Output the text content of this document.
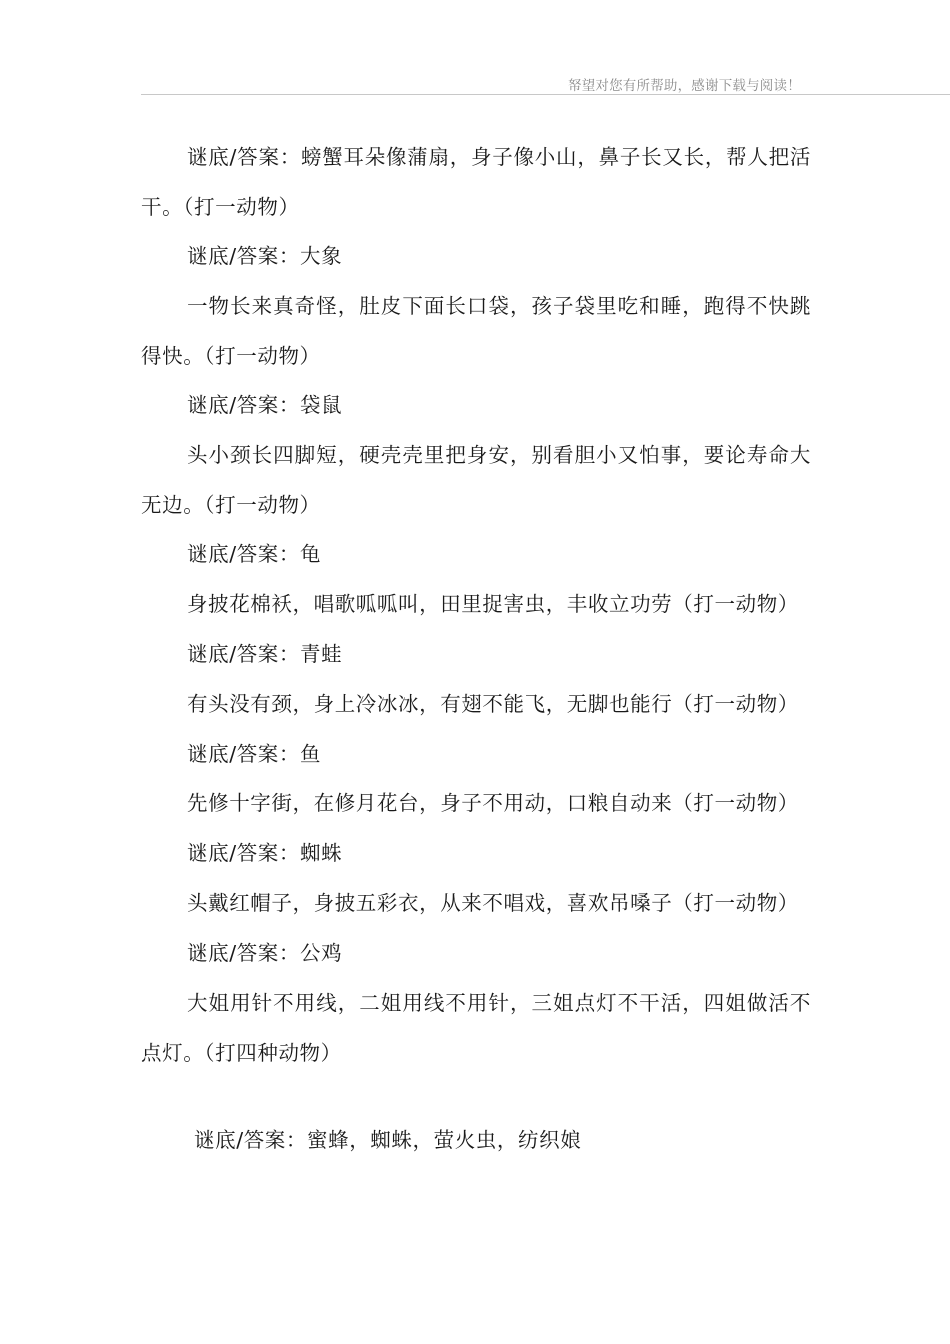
帑望对您有所帮助，感谢下载与阅读！
谜底/答案：螃蟹耳朵像蒲扇，身子像小山，鼻子长又长，帮人把活干。（打一动物）
谜底/答案：大象
一物长来真奇怪，肚皮下面长口袋，孩子袋里吃和睡，跑得不快跳得快。（打一动物）
谜底/答案：袋鼠
头小颈长四脚短，硬壳壳里把身安，别看胆小又怕事，要论寿命大无边。（打一动物）
谜底/答案：龟
身披花棉袄，唱歌呱呱叫，田里捉害虫，丰收立功劳（打一动物）
谜底/答案：青蛙
有头没有颈，身上冷冰冰，有翅不能飞，无脚也能行（打一动物）
谜底/答案：鱼
先修十字街，在修月花台，身子不用动，口粮自动来（打一动物）
谜底/答案：蜘蛛
头戴红帽子，身披五彩衣，从来不唱戏，喜欢吊嗓子（打一动物）
谜底/答案：公鸡
大姐用针不用线，二姐用线不用针，三姐点灯不干活，四姐做活不点灯。（打四种动物）
谜底/答案：蜜蜂，蜘蛛，萤火虫，纺织娘
